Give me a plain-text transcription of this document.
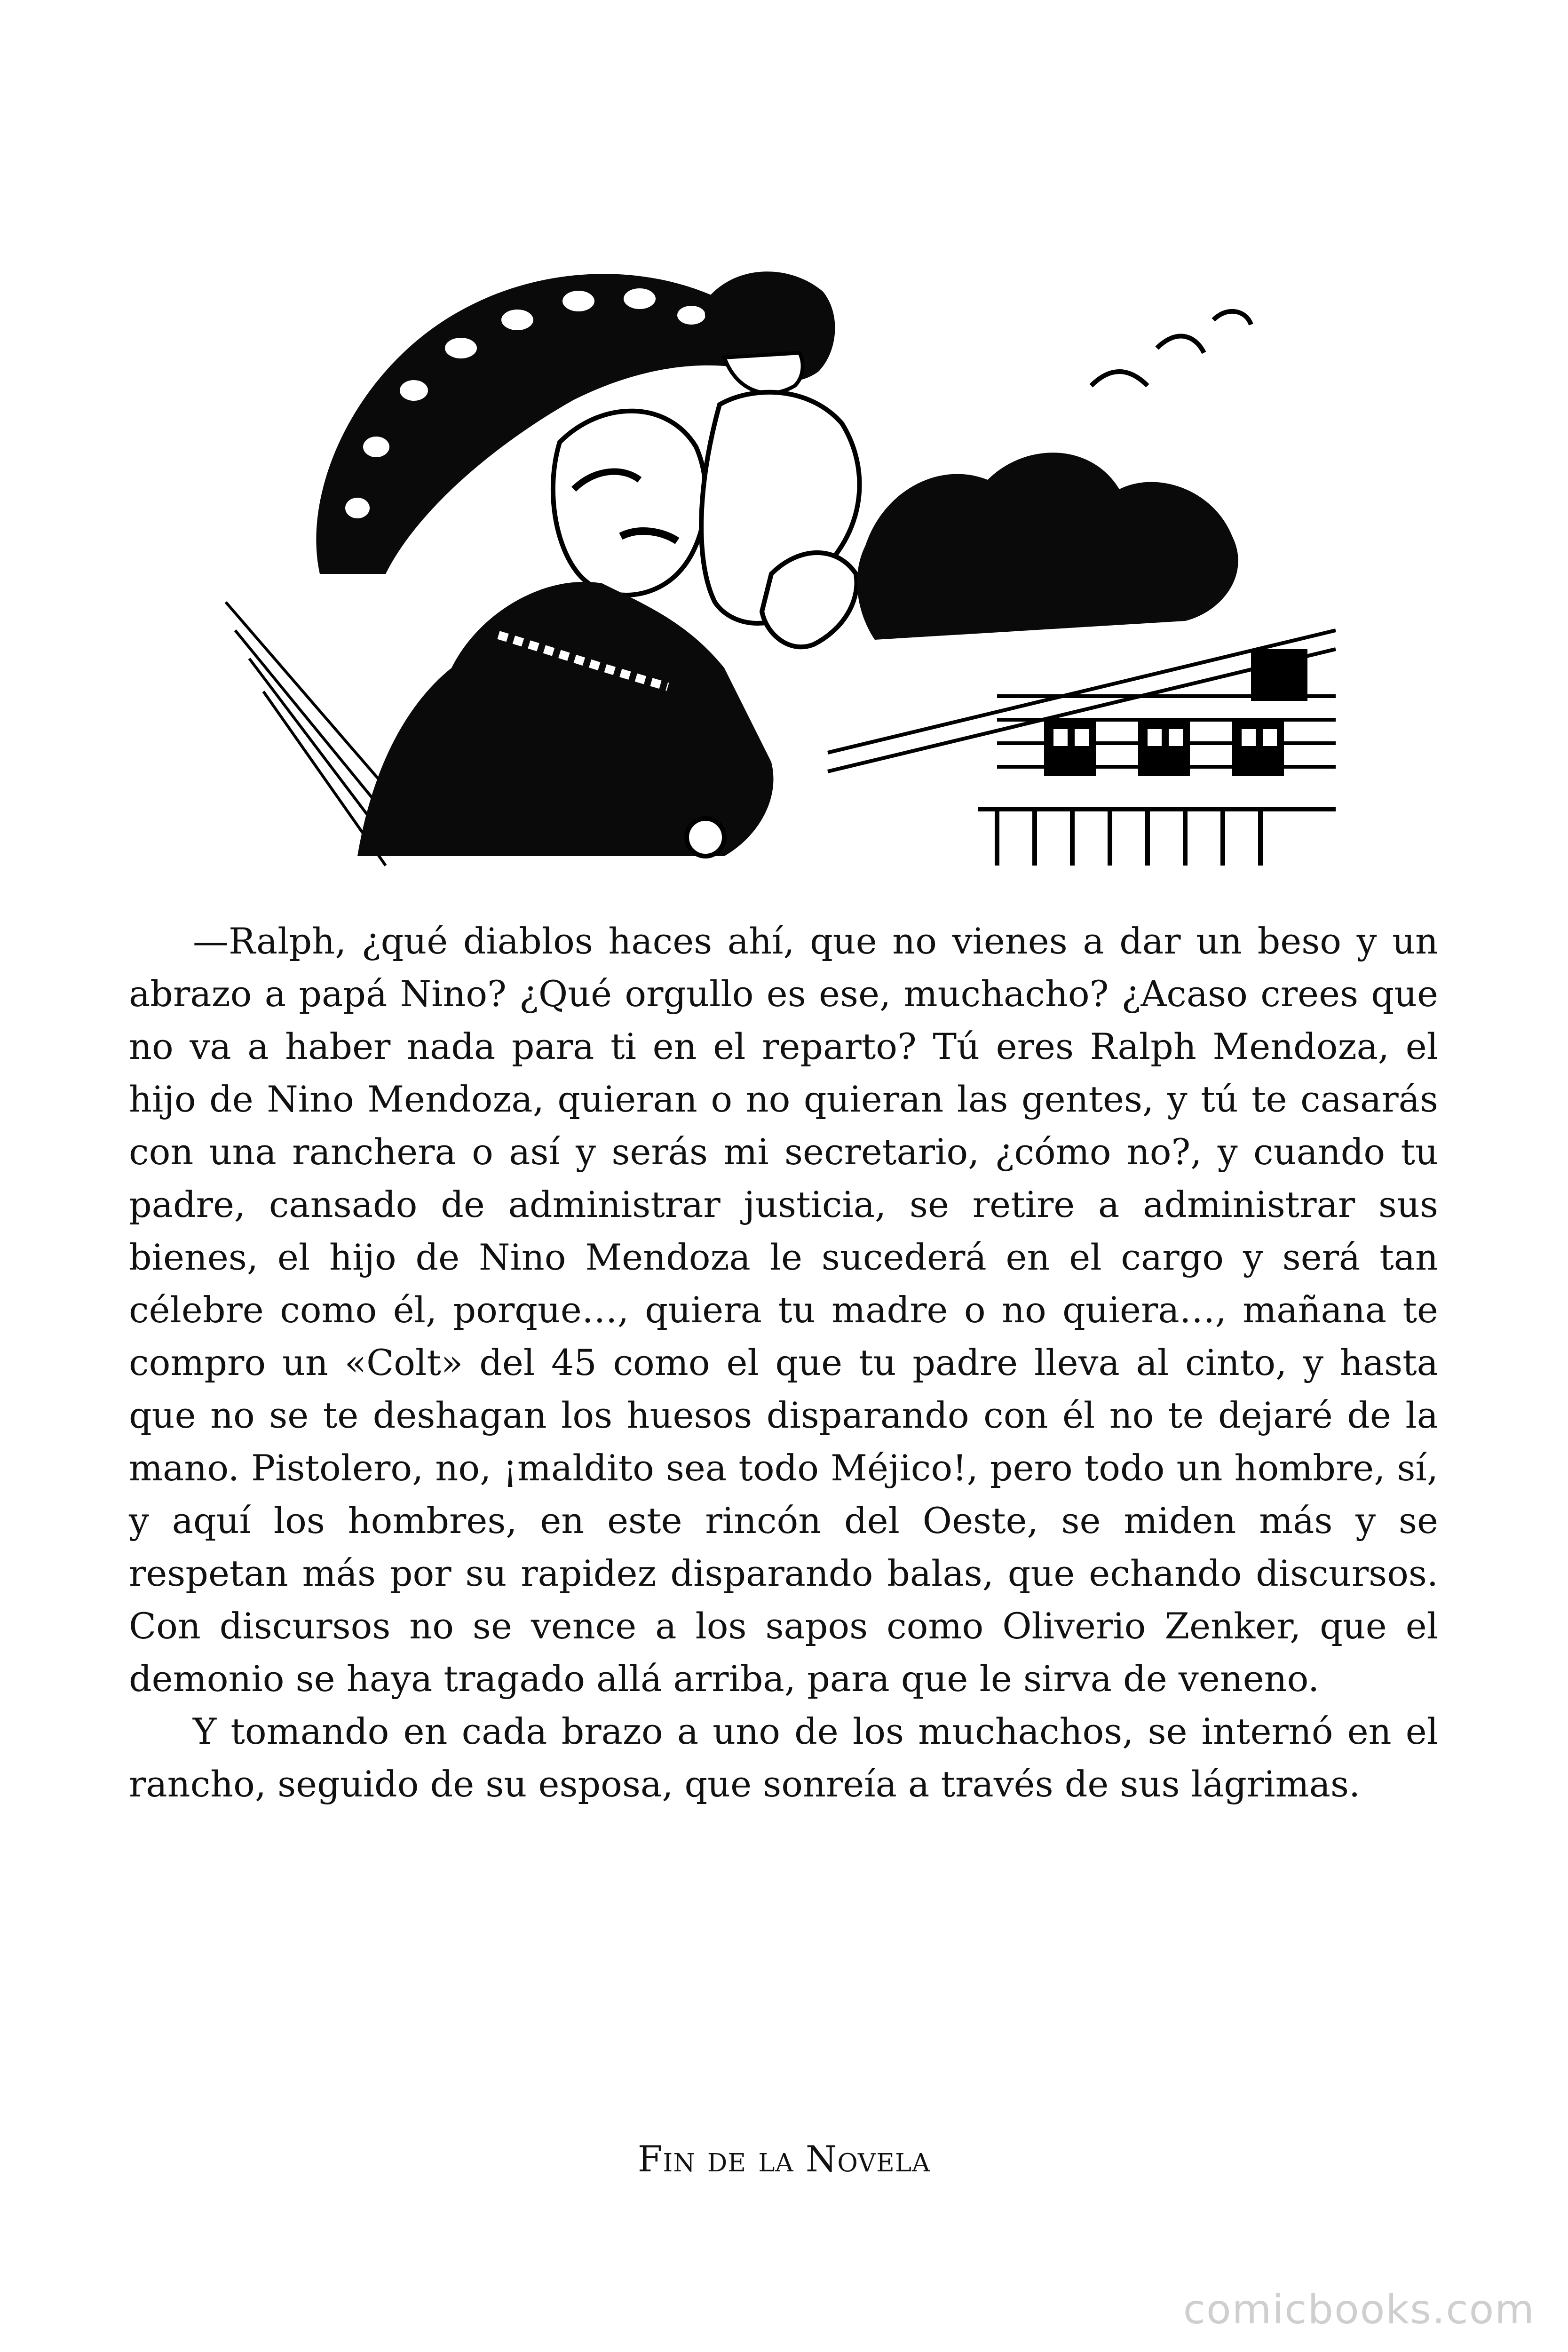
—Ralph, ¿qué diablos haces ahí, que no vienes a dar un beso y un abrazo a papá Nino? ¿Qué orgullo es ese, muchacho? ¿Acaso crees que no va a haber nada para ti en el reparto? Tú eres Ralph Mendoza, el hijo de Nino Mendoza, quieran o no quieran las gentes, y tú te casarás con una ranchera o así y serás mi secretario, ¿cómo no?, y cuando tu padre, cansado de administrar justicia, se retire a administrar sus bienes, el hijo de Nino Mendoza le sucederá en el cargo y será tan célebre como él, porque…, quiera tu madre o no quiera…, mañana te compro un «Colt» del 45 como el que tu padre lleva al cinto, y hasta que no se te deshagan los huesos disparando con él no te dejaré de la mano. Pistolero, no, ¡maldito sea todo Méjico!, pero todo un hombre, sí, y aquí los hombres, en este rincón del Oeste, se miden más y se respetan más por su rapidez disparando balas, que echando discursos. Con discursos no se vence a los sapos como Oliverio Zenker, que el demonio se haya tragado allá arriba, para que le sirva de veneno.

Y tomando en cada brazo a uno de los muchachos, se internó en el rancho, seguido de su esposa, que sonreía a través de sus lágrimas.

Fin de la Novela
comicbooks.com
